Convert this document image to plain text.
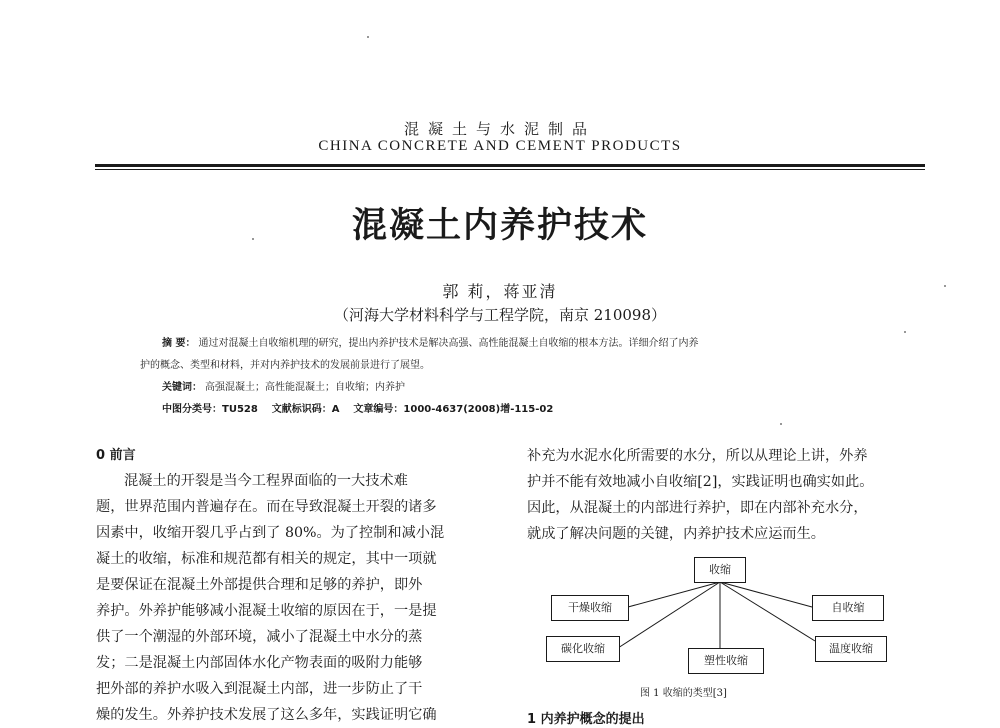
混凝土与水泥制品
CHINA CONCRETE AND CEMENT PRODUCTS
混凝土内养护技术
郭 莉，蒋亚清
（河海大学材料科学与工程学院，南京 210098）
摘 要： 通过对混凝土自收缩机理的研究，提出内养护技术是解决高强、高性能混凝土自收缩的根本方法。详细介绍了内养
护的概念、类型和材料，并对内养护技术的发展前景进行了展望。
关键词： 高强混凝土；高性能混凝土；自收缩；内养护
中图分类号：TU528    文献标识码：A    文章编号：1000-4637(2008)增-115-02
0 前言
混凝土的开裂是当今工程界面临的一大技术难
题，世界范围内普遍存在。而在导致混凝土开裂的诸多
因素中，收缩开裂几乎占到了 80%。为了控制和减小混
凝土的收缩，标准和规范都有相关的规定，其中一项就
是要保证在混凝土外部提供合理和足够的养护，即外
养护。外养护能够减小混凝土收缩的原因在于，一是提
供了一个潮湿的外部环境，减小了混凝土中水分的蒸
发；二是混凝土内部固体水化产物表面的吸附力能够
把外部的养护水吸入到混凝土内部，进一步防止了干
燥的发生。外养护技术发展了这么多年，实践证明它确
补充为水泥水化所需要的水分，所以从理论上讲，外养
护并不能有效地减小自收缩[2]，实践证明也确实如此。
因此，从混凝土的内部进行养护，即在内部补充水分，
就成了解决问题的关键，内养护技术应运而生。
收缩
干燥收缩
碳化收缩
塑性收缩
自收缩
温度收缩
图 1 收缩的类型[3]
1 内养护概念的提出
